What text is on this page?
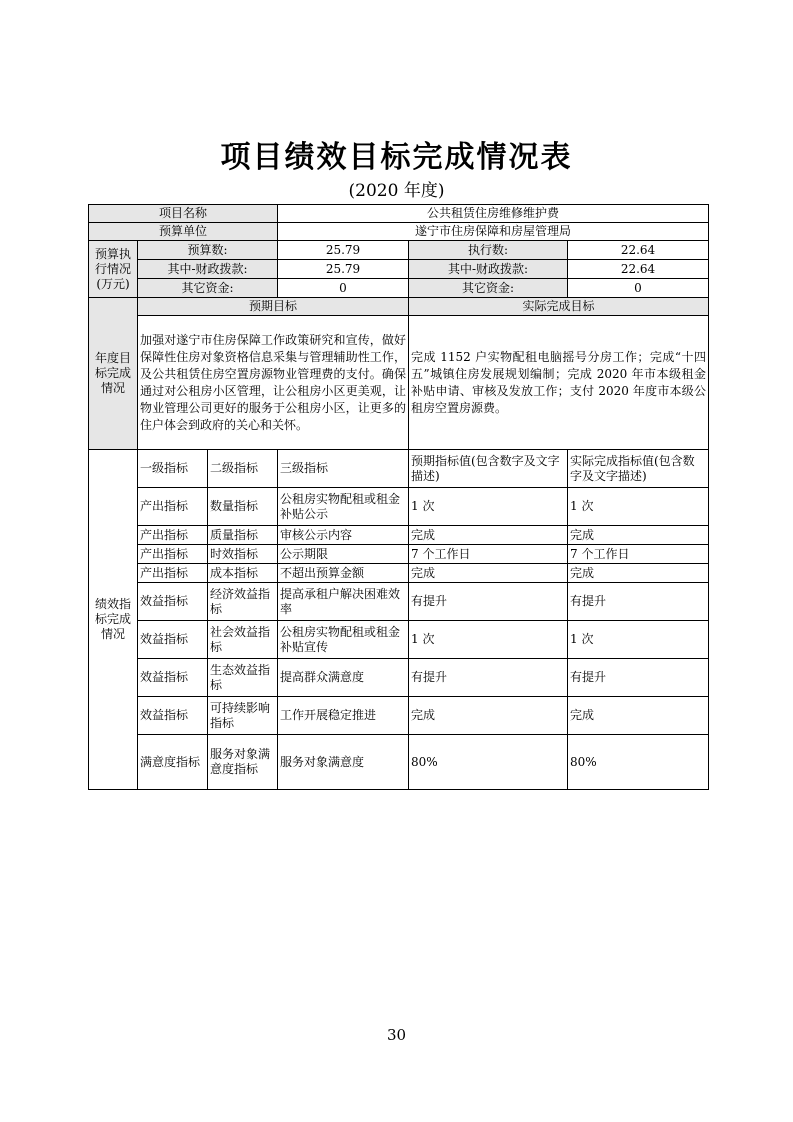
项目绩效目标完成情况表
(2020 年度)
项目名称			公共租赁住房维修维护费		
预算单位			遂宁市住房保障和房屋管理局		
预算执行情况(万元)	预算数:		25.79	执行数:	22.64
	其中-财政拨款:		25.79	其中-财政拨款:	22.64
	其它资金:		0	其它资金:	0
年度目标完成情况	预期目标			实际完成目标	
	加强对遂宁市住房保障工作政策研究和宣传，做好保障性住房对象资格信息采集与管理辅助性工作，及公共租赁住房空置房源物业管理费的支付。确保通过对公租房小区管理，让公租房小区更美观，让物业管理公司更好的服务于公租房小区，让更多的住户体会到政府的关心和关怀。			完成 1152 户实物配租电脑摇号分房工作；完成“十四五”城镇住房发展规划编制；完成 2020 年市本级租金补贴申请、审核及发放工作；支付 2020 年度市本级公租房空置房源费。	
绩效指标完成情况	一级指标	二级指标	三级指标	预期指标值(包含数字及文字描述)	实际完成指标值(包含数字及文字描述)
	产出指标	数量指标	公租房实物配租或租金补贴公示	1 次	1 次
	产出指标	质量指标	审核公示内容	完成	完成
	产出指标	时效指标	公示期限	7 个工作日	7 个工作日
	产出指标	成本指标	不超出预算金额	完成	完成
	效益指标	经济效益指标	提高承租户解决困难效率	有提升	有提升
	效益指标	社会效益指标	公租房实物配租或租金补贴宣传	1 次	1 次
	效益指标	生态效益指标	提高群众满意度	有提升	有提升
	效益指标	可持续影响指标	工作开展稳定推进	完成	完成
	满意度指标	服务对象满意度指标	服务对象满意度	80%	80%
30
